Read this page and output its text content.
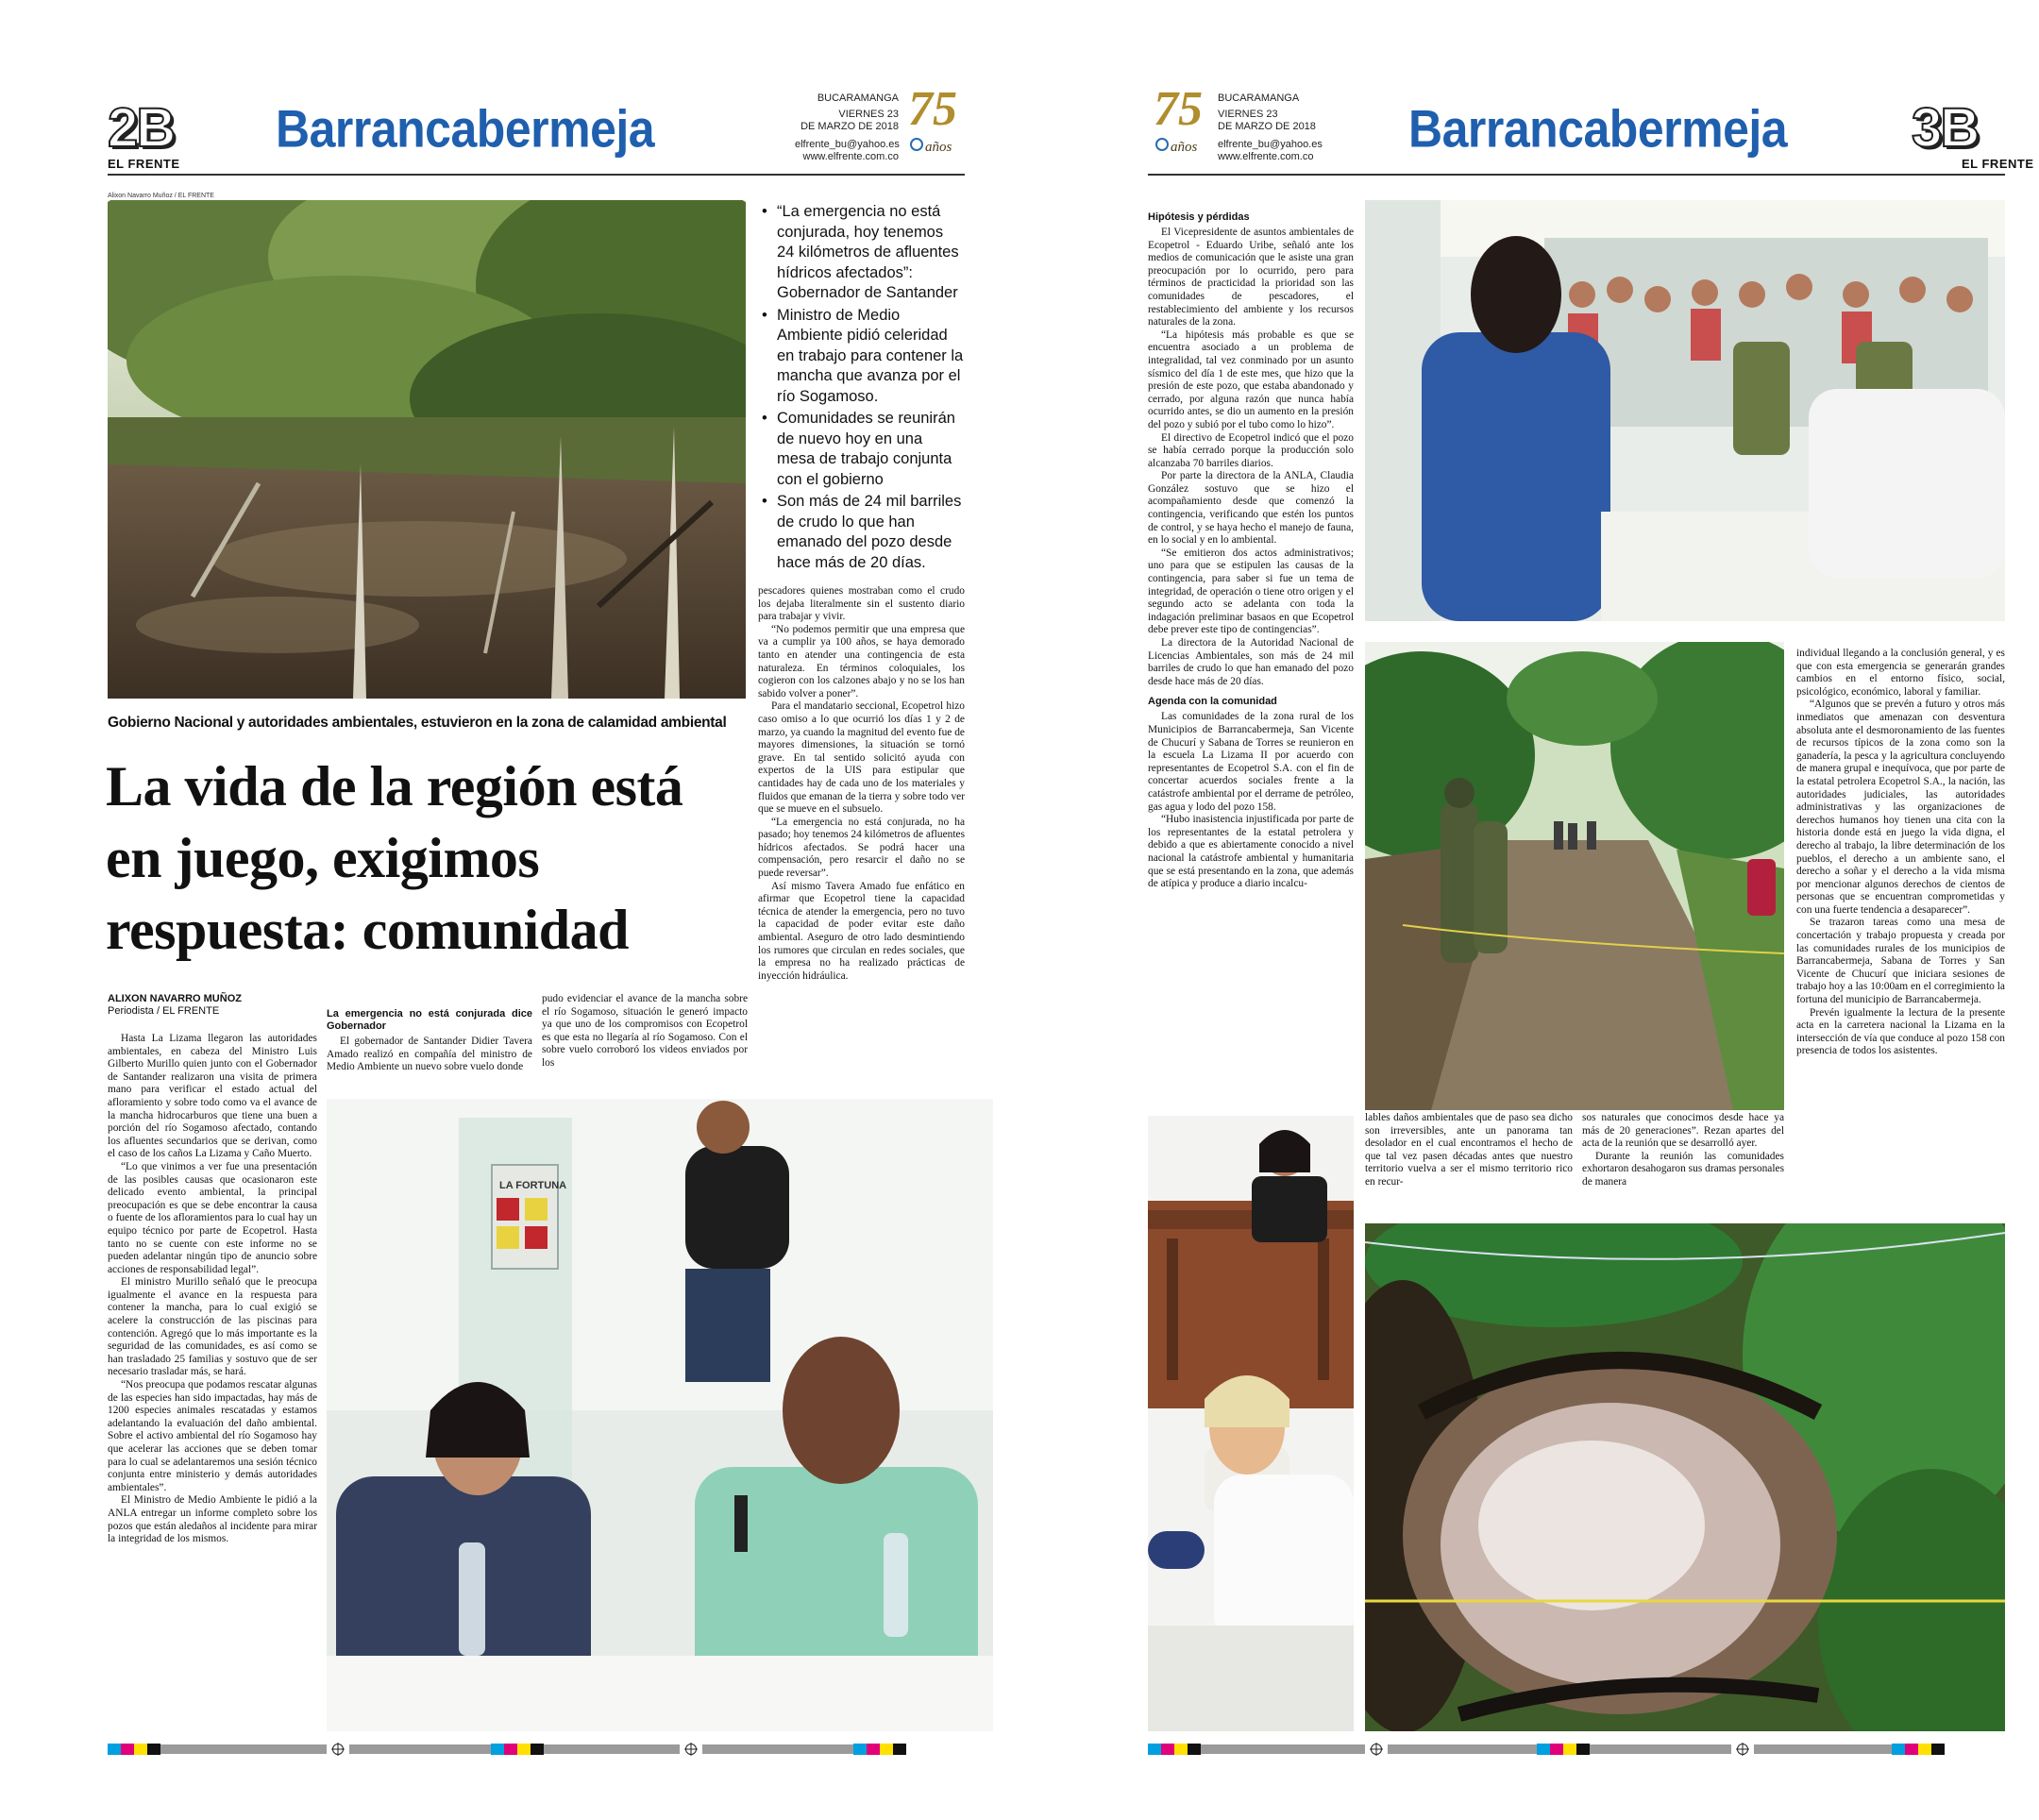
2B
EL FRENTE
Barrancabermeja
BUCARAMANGA
VIERNES 23
DE MARZO DE 2018
elfrente_bu@yahoo.es
www.elfrente.com.co
75
años
Alixon Navarro Muñoz / EL FRENTE
• “La emergencia no está conjurada, hoy tenemos 24 kilómetros de afluentes hídricos afectados”: Gobernador de Santander
• Ministro de Medio Ambiente pidió celeridad en trabajo para contener la mancha que avanza por el río Sogamoso.
• Comunidades se reunirán de nuevo hoy en una mesa de trabajo conjunta con el gobierno
• Son más de 24 mil barriles de crudo lo que han emanado del pozo desde hace más de 20 días.
Gobierno Nacional y autoridades ambientales, estuvieron en la zona de calamidad ambiental
La vida de la región está en juego, exigimos respuesta: comunidad
ALIXON NAVARRO MUÑOZ
Periodista / EL FRENTE

Hasta La Lizama llegaron las autoridades ambientales, en cabeza del Ministro Luis Gilberto Murillo quien junto con el Gobernador de Santander realizaron una visita de primera mano para verificar el estado actual del afloramiento y sobre todo como va el avance de la mancha hidrocarburos que tiene una buen a porción del río Sogamoso afectado, contando los afluentes secundarios que se derivan, como el caso de los caños La Lizama y Caño Muerto.

“Lo que vinimos a ver fue una presentación de las posibles causas que ocasionaron este delicado evento ambiental, la principal preocupación es que se debe encontrar la causa o fuente de los afloramientos para lo cual hay un equipo técnico por parte de Ecopetrol. Hasta tanto no se cuente con este informe no se pueden adelantar ningún tipo de anuncio sobre acciones de responsabilidad legal”.

El ministro Murillo señaló que le preocupa igualmente el avance en la respuesta para contener la mancha, para lo cual exigió se acelere la construcción de las piscinas para contención. Agregó que lo más importante es la seguridad de las comunidades, es así como se han trasladado 25 familias y sostuvo que de ser necesario trasladar más, se hará.

“Nos preocupa que podamos rescatar algunas de las especies han sido impactadas, hay más de 1200 especies animales rescatadas y estamos adelantando la evaluación del daño ambiental. Sobre el activo ambiental del río Sogamoso hay que acelerar las acciones que se deben tomar para lo cual se adelantaremos una sesión técnico conjunta entre ministerio y demás autoridades ambientales”.

El Ministro de Medio Ambiente le pidió a la ANLA entregar un informe completo sobre los pozos que están aledaños al incidente para mirar la integridad de los mismos.

La emergencia no está conjurada dice Gobernador

El gobernador de Santander Didier Tavera Amado realizó en compañía del ministro de Medio Ambiente un nuevo sobre vuelo donde

pudo evidenciar el avance de la mancha sobre el río Sogamoso, situación le generó impacto ya que uno de los compromisos con Ecopetrol es que esta no llegaría al río Sogamoso. Con el sobre vuelo corroboró los videos enviados por los

pescadores quienes mostraban como el crudo los dejaba literalmente sin el sustento diario para trabajar y vivir.

“No podemos permitir que una empresa que va a cumplir ya 100 años, se haya demorado tanto en atender una contingencia de esta naturaleza. En términos coloquiales, los cogieron con los calzones abajo y no se los han sabido volver a poner”.

Para el mandatario seccional, Ecopetrol hizo caso omiso a lo que ocurrió los días 1 y 2 de marzo, ya cuando la magnitud del evento fue de mayores dimensiones, la situación se tornó grave. En tal sentido solicitó ayuda con expertos de la UIS para estipular que cantidades hay de cada uno de los materiales y fluidos que emanan de la tierra y sobre todo ver que se mueve en el subsuelo.

“La emergencia no está conjurada, no ha pasado; hoy tenemos 24 kilómetros de afluentes hídricos afectados. Se podrá hacer una compensación, pero resarcir el daño no se puede reversar”.

Así mismo Tavera Amado fue enfático en afirmar que Ecopetrol tiene la capacidad técnica de atender la emergencia, pero no tuvo la capacidad de poder evitar este daño ambiental. Aseguro de otro lado desmintiendo los rumores que circulan en redes sociales, que la empresa no ha realizado prácticas de inyección hidráulica.

LA FORTUNA
75
años
BUCARAMANGA
VIERNES 23
DE MARZO DE 2018
elfrente_bu@yahoo.es
www.elfrente.com.co	Barrancabermeja 3B
EL FRENTE
Hipótesis y pérdidas

El Vicepresidente de asuntos ambientales de Ecopetrol - Eduardo Uribe, señaló ante los medios de comunicación que le asiste una gran preocupación por lo ocurrido, pero para términos de practicidad la prioridad son las comunidades de pescadores, el restablecimiento del ambiente y los recursos naturales de la zona.

“La hipótesis más probable es que se encuentra asociado a un problema de integralidad, tal vez conminado por un asunto sísmico del día 1 de este mes, que hizo que la presión de este pozo, que estaba abandonado y cerrado, por alguna razón que nunca había ocurrido antes, se dio un aumento en la presión del pozo y subió por el tubo como lo hizo”.

El directivo de Ecopetrol indicó que el pozo se había cerrado porque la producción solo alcanzaba 70 barriles diarios.

Por parte la directora de la ANLA, Claudia González sostuvo que se hizo el acompañamiento desde que comenzó la contingencia, verificando que estén los puntos de control, y se haya hecho el manejo de fauna, en lo social y en lo ambiental.

“Se emitieron dos actos administrativos; uno para que se estipulen las causas de la contingencia, para saber si fue un tema de integridad, de operación o tiene otro origen y el segundo acto se adelanta con toda la indagación preliminar basaos en que Ecopetrol debe prever este tipo de contingencias”.

La directora de la Autoridad Nacional de Licencias Ambientales, son más de 24 mil barriles de crudo lo que han emanado del pozo desde hace más de 20 días.

Agenda con la comunidad

Las comunidades de la zona rural de los Municipios de Barrancabermeja, San Vicente de Chucurí y Sabana de Torres se reunieron en la escuela La Lizama II por acuerdo con representantes de Ecopetrol S.A. con el fin de concertar acuerdos sociales frente a la catástrofe ambiental por el derrame de petróleo, gas agua y lodo del pozo 158.

“Hubo inasistencia injustificada por parte de los representantes de la estatal petrolera y debido a que es abiertamente conocido a nivel nacional la catástrofe ambiental y humanitaria que se está presentando en la zona, que además de atípica y produce a diario incalcu-

individual llegando a la conclusión general, y es que con esta emergencia se generarán grandes cambios en el entorno físico, social, psicológico, económico, laboral y familiar.

“Algunos que se prevén a futuro y otros más inmediatos que amenazan con desventura absoluta ante el desmoronamiento de las fuentes de recursos típicos de la zona como son la ganadería, la pesca y la agricultura concluyendo de manera grupal e inequívoca, que por parte de la estatal petrolera Ecopetrol S.A., la nación, las autoridades judiciales, las autoridades administrativas y las organizaciones de derechos humanos hoy tienen una cita con la historia donde está en juego la vida digna, el derecho al trabajo, la libre determinación de los pueblos, el derecho a un ambiente sano, el derecho a soñar y el derecho a la vida misma por mencionar algunos derechos de cientos de personas que se encuentran comprometidas y con una fuerte tendencia a desaparecer”.

Se trazaron tareas como una mesa de concertación y trabajo propuesta y creada por las comunidades rurales de los municipios de Barrancabermeja, Sabana de Torres y San Vicente de Chucurí que iniciara sesiones de trabajo hoy a las 10:00am en el corregimiento la fortuna del municipio de Barrancabermeja.

Prevén igualmente la lectura de la presente acta en la carretera nacional la Lizama en la intersección de vía que conduce al pozo 158 con presencia de todos los asistentes.

lables daños ambientales que de paso sea dicho son irreversibles, ante un panorama tan desolador en el cual encontramos el hecho de que tal vez pasen décadas antes que nuestro territorio vuelva a ser el mismo territorio rico en recur-

sos naturales que conocimos desde hace ya más de 20 generaciones”. Rezan apartes del acta de la reunión que se desarrolló ayer.

Durante la reunión las comunidades exhortaron desahogaron sus dramas personales de manera
